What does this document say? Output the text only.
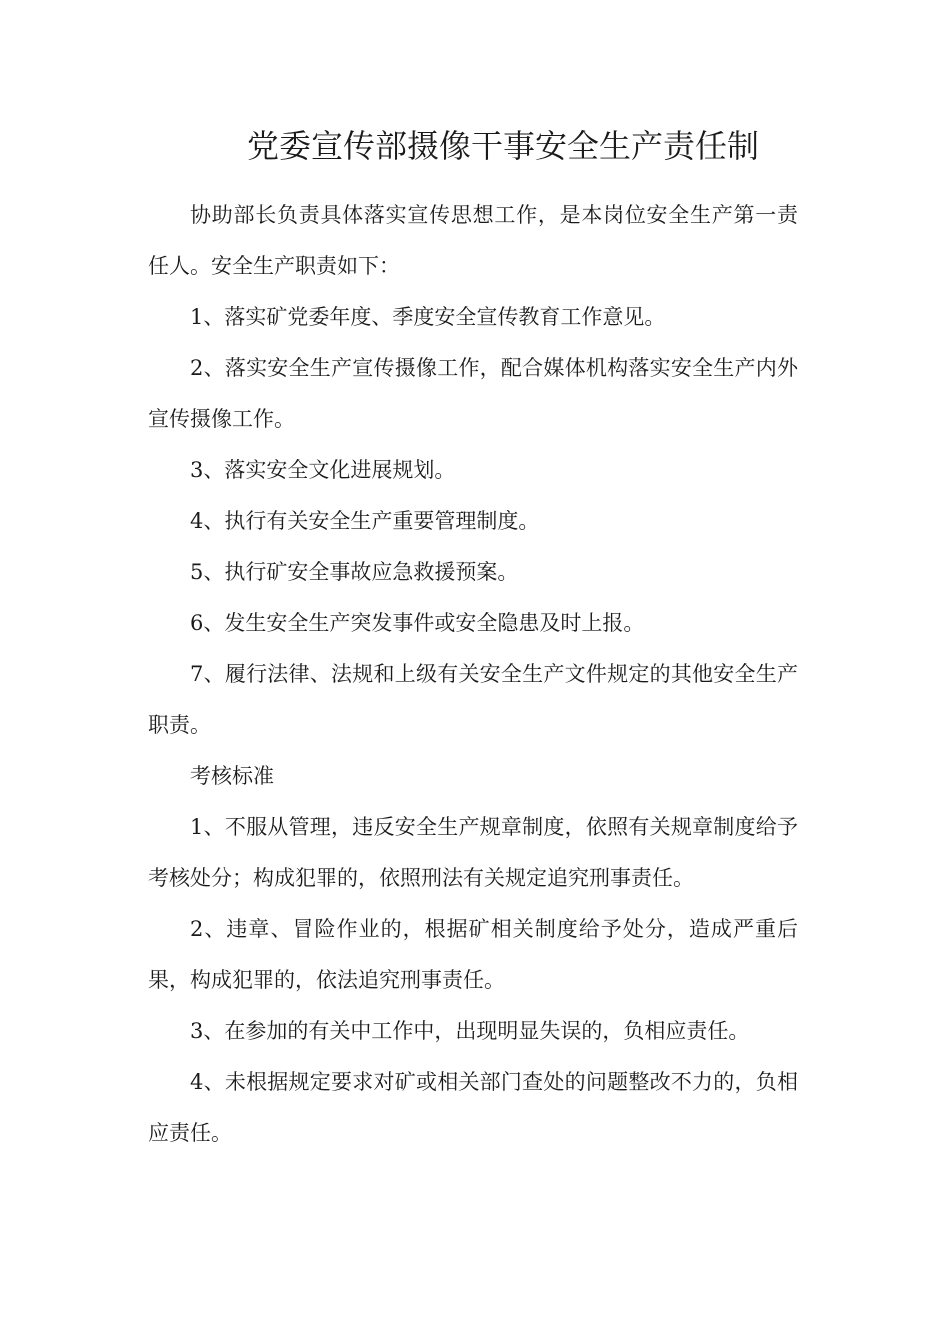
党委宣传部摄像干事安全生产责任制

协助部长负责具体落实宣传思想工作，是本岗位安全生产第一责任人。安全生产职责如下：

1、落实矿党委年度、季度安全宣传教育工作意见。

2、落实安全生产宣传摄像工作，配合媒体机构落实安全生产内外宣传摄像工作。

3、落实安全文化进展规划。

4、执行有关安全生产重要管理制度。

5、执行矿安全事故应急救援预案。

6、发生安全生产突发事件或安全隐患及时上报。

7、履行法律、法规和上级有关安全生产文件规定的其他安全生产职责。

考核标准

1、不服从管理，违反安全生产规章制度，依照有关规章制度给予考核处分；构成犯罪的，依照刑法有关规定追究刑事责任。

2、违章、冒险作业的，根据矿相关制度给予处分，造成严重后果，构成犯罪的，依法追究刑事责任。

3、在参加的有关中工作中，出现明显失误的，负相应责任。

4、未根据规定要求对矿或相关部门查处的问题整改不力的，负相应责任。
